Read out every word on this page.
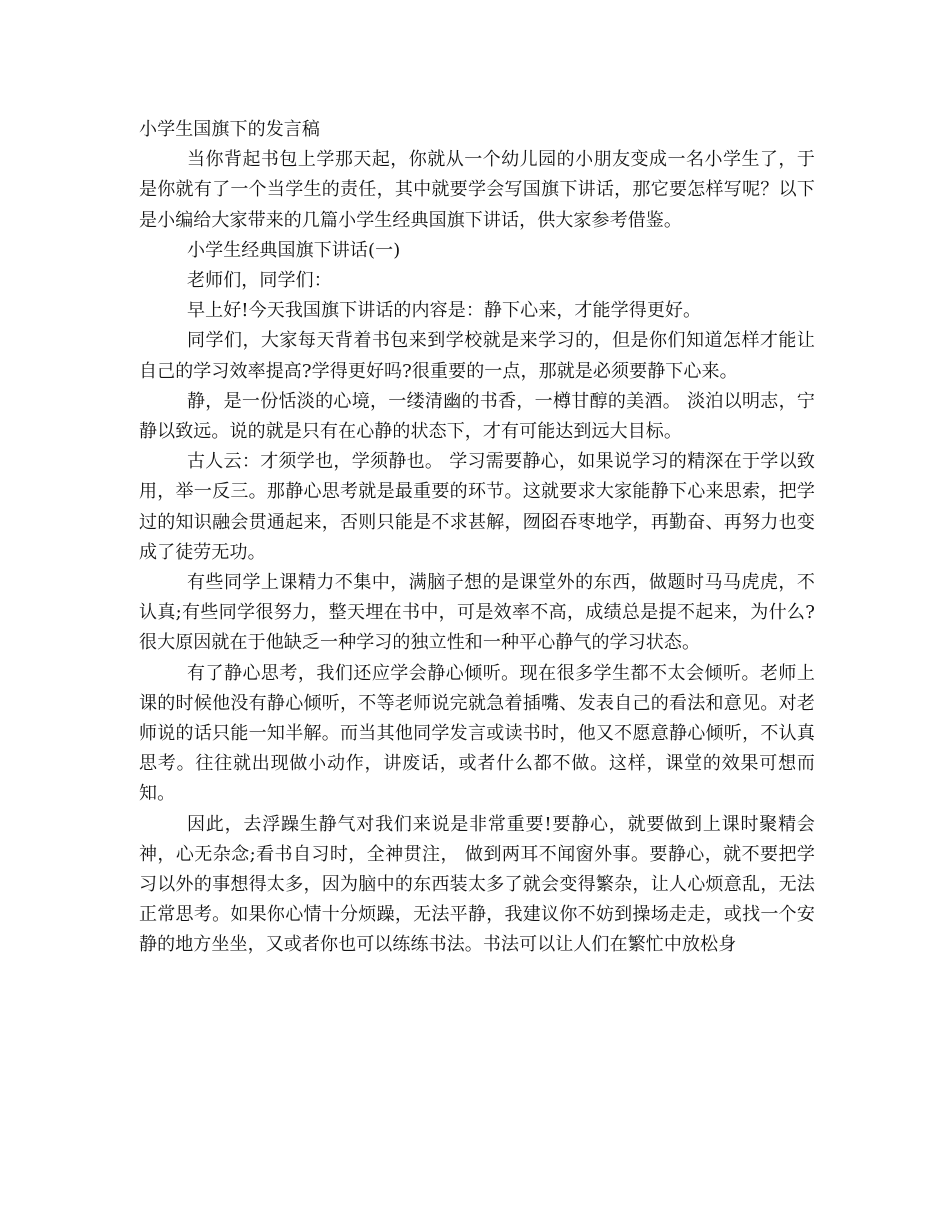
小学生国旗下的发言稿

当你背起书包上学那天起，你就从一个幼儿园的小朋友变成一名小学生了，于是你就有了一个当学生的责任，其中就要学会写国旗下讲话，那它要怎样写呢？以下是小编给大家带来的几篇小学生经典国旗下讲话，供大家参考借鉴。

小学生经典国旗下讲话(一)

老师们，同学们：

早上好!今天我国旗下讲话的内容是：静下心来，才能学得更好。

同学们，大家每天背着书包来到学校就是来学习的，但是你们知道怎样才能让自己的学习效率提高?学得更好吗?很重要的一点，那就是必须要静下心来。

静，是一份恬淡的心境，一缕清幽的书香，一樽甘醇的美酒。 淡泊以明志，宁静以致远。说的就是只有在心静的状态下，才有可能达到远大目标。

古人云：才须学也，学须静也。 学习需要静心，如果说学习的精深在于学以致用，举一反三。那静心思考就是最重要的环节。这就要求大家能静下心来思索，把学过的知识融会贯通起来，否则只能是不求甚解，囫囵吞枣地学，再勤奋、再努力也变成了徒劳无功。

有些同学上课精力不集中，满脑子想的是课堂外的东西，做题时马马虎虎，不认真;有些同学很努力，整天埋在书中，可是效率不高，成绩总是提不起来，为什么?很大原因就在于他缺乏一种学习的独立性和一种平心静气的学习状态。

有了静心思考，我们还应学会静心倾听。现在很多学生都不太会倾听。老师上课的时候他没有静心倾听，不等老师说完就急着插嘴、发表自己的看法和意见。对老师说的话只能一知半解。而当其他同学发言或读书时，他又不愿意静心倾听，不认真思考。往往就出现做小动作，讲废话，或者什么都不做。这样，课堂的效果可想而知。

因此，去浮躁生静气对我们来说是非常重要!要静心，就要做到上课时聚精会神，心无杂念;看书自习时，全神贯注， 做到两耳不闻窗外事。要静心，就不要把学习以外的事想得太多，因为脑中的东西装太多了就会变得繁杂，让人心烦意乱，无法正常思考。如果你心情十分烦躁，无法平静，我建议你不妨到操场走走，或找一个安静的地方坐坐，又或者你也可以练练书法。书法可以让人们在繁忙中放松身
